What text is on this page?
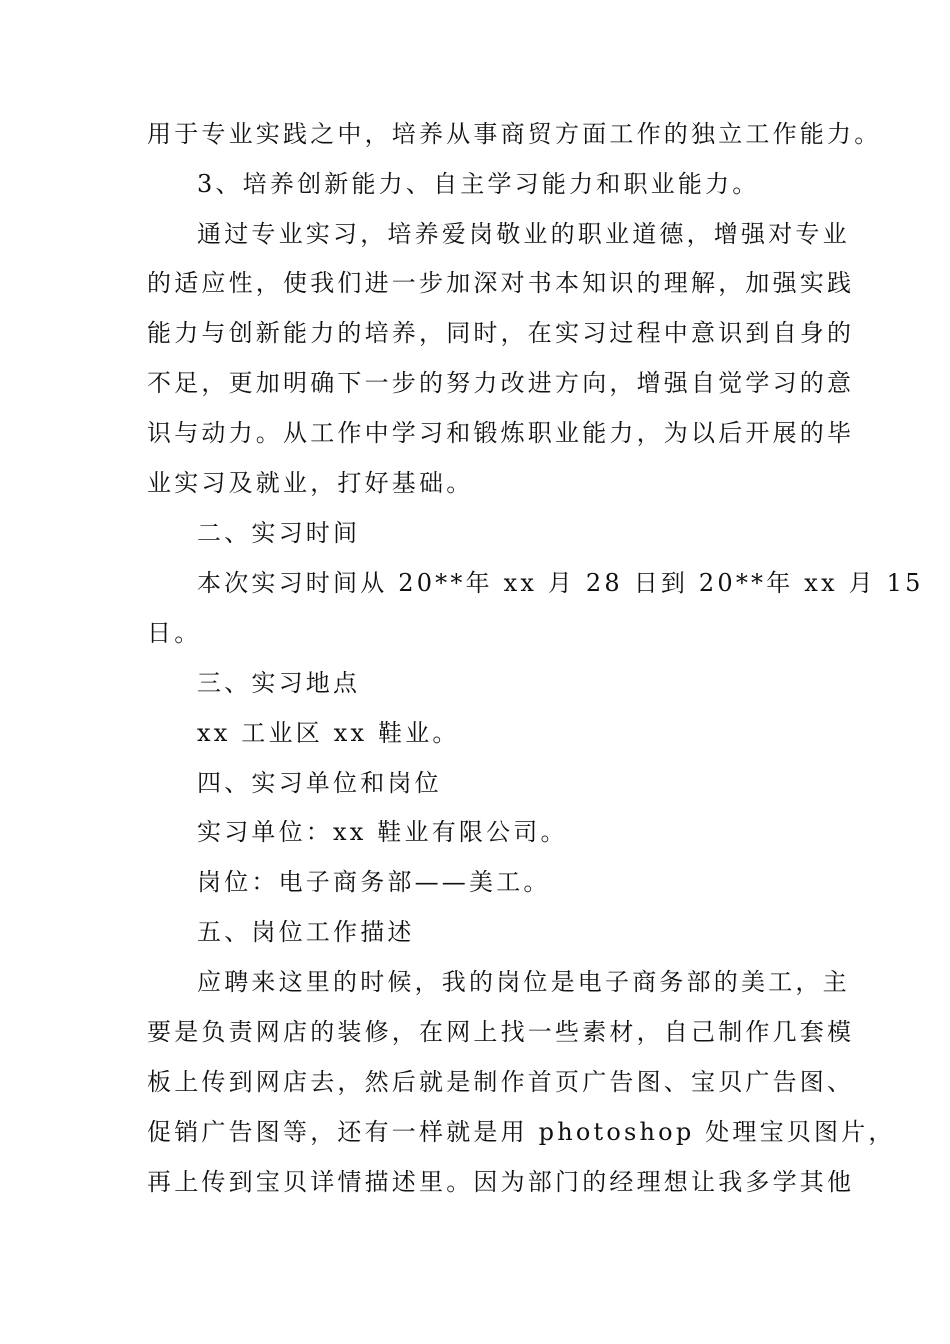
用于专业实践之中，培养从事商贸方面工作的独立工作能力。
3、培养创新能力、自主学习能力和职业能力。
通过专业实习，培养爱岗敬业的职业道德，增强对专业
的适应性，使我们进一步加深对书本知识的理解，加强实践
能力与创新能力的培养，同时，在实习过程中意识到自身的
不足，更加明确下一步的努力改进方向，增强自觉学习的意
识与动力。从工作中学习和锻炼职业能力，为以后开展的毕
业实习及就业，打好基础。
二、实习时间
本次实习时间从 20**年 xx 月 28 日到 20**年 xx 月 15
日。
三、实习地点
xx 工业区 xx 鞋业。
四、实习单位和岗位
实习单位：xx 鞋业有限公司。
岗位：电子商务部——美工。
五、岗位工作描述
应聘来这里的时候，我的岗位是电子商务部的美工，主
要是负责网店的装修，在网上找一些素材，自己制作几套模
板上传到网店去，然后就是制作首页广告图、宝贝广告图、
促销广告图等，还有一样就是用 photoshop 处理宝贝图片，
再上传到宝贝详情描述里。因为部门的经理想让我多学其他
